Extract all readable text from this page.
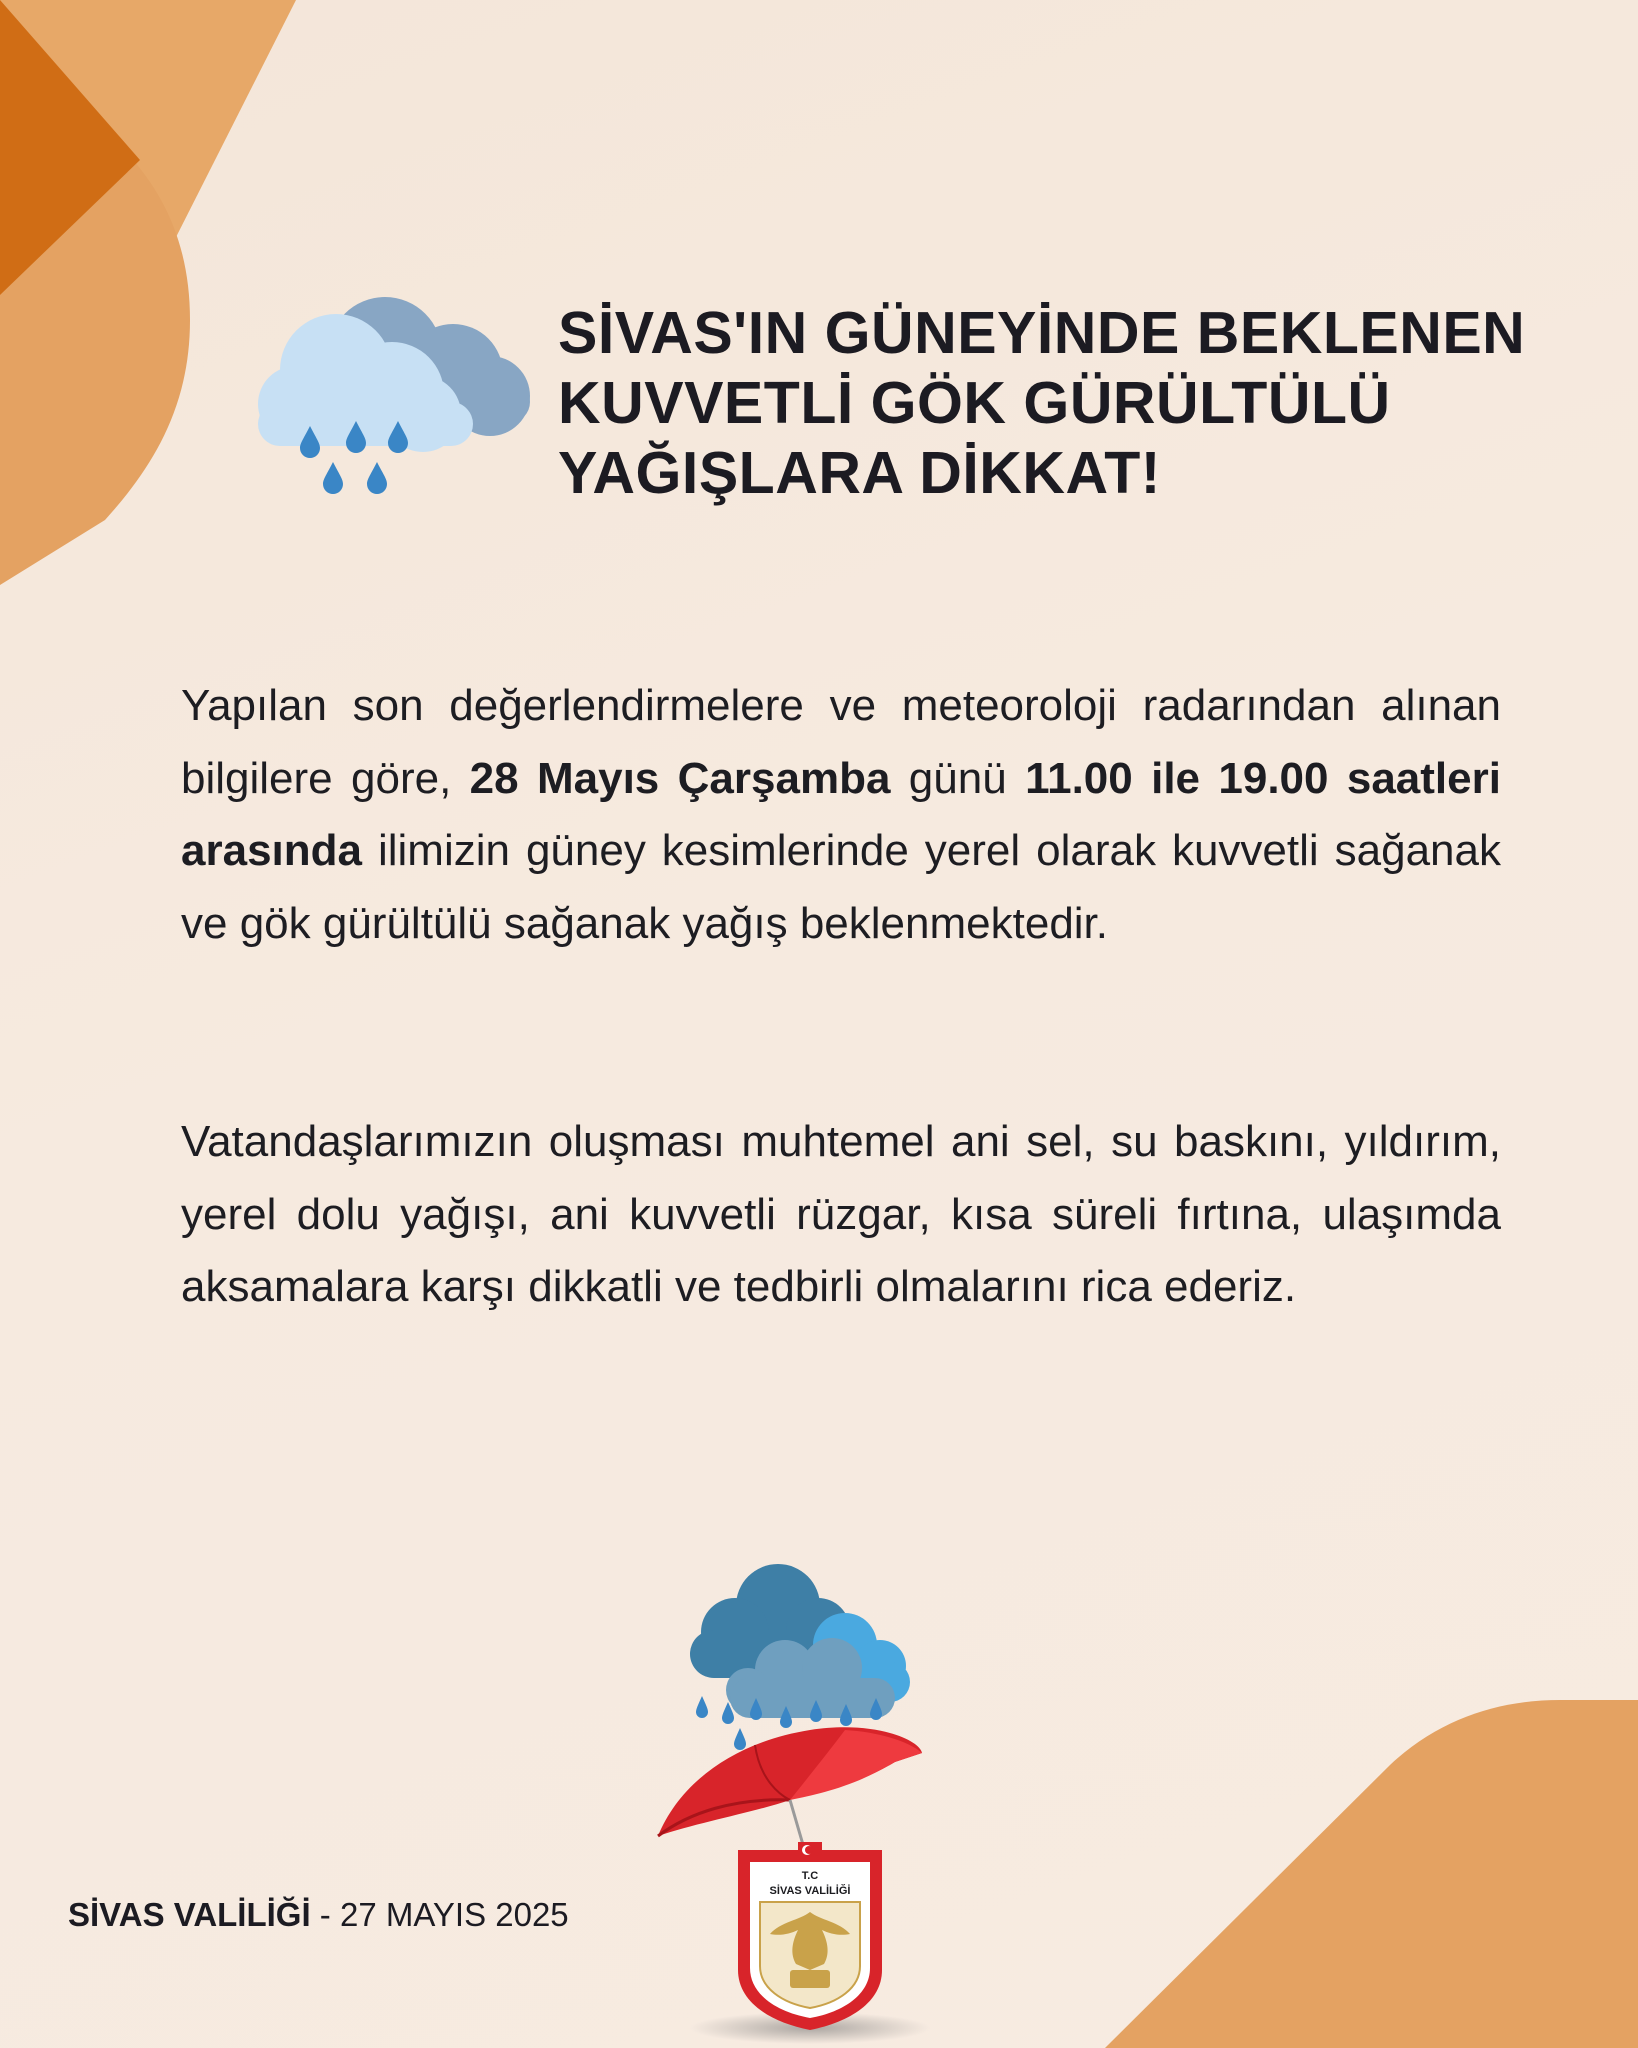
SİVAS'IN GÜNEYİNDE BEKLENEN
KUVVETLİ GÖK GÜRÜLTÜLÜ
YAĞIŞLARA DİKKAT!

Yapılan son değerlendirmelere ve meteoroloji radarından alınan bilgilere göre, 28 Mayıs Çarşamba günü 11.00 ile 19.00 saatleri arasında ilimizin güney kesimlerinde yerel olarak kuvvetli sağanak ve gök gürültülü sağanak yağış beklenmektedir.

Vatandaşlarımızın oluşması muhtemel ani sel, su baskını, yıldırım, yerel dolu yağışı, ani kuvvetli rüzgar, kısa süreli fırtına, ulaşımda aksamalara karşı dikkatli ve tedbirli olmalarını rica ederiz.

SİVAS VALİLİĞİ - 27 MAYIS 2025
T.C
SİVAS VALİLİĞİ
